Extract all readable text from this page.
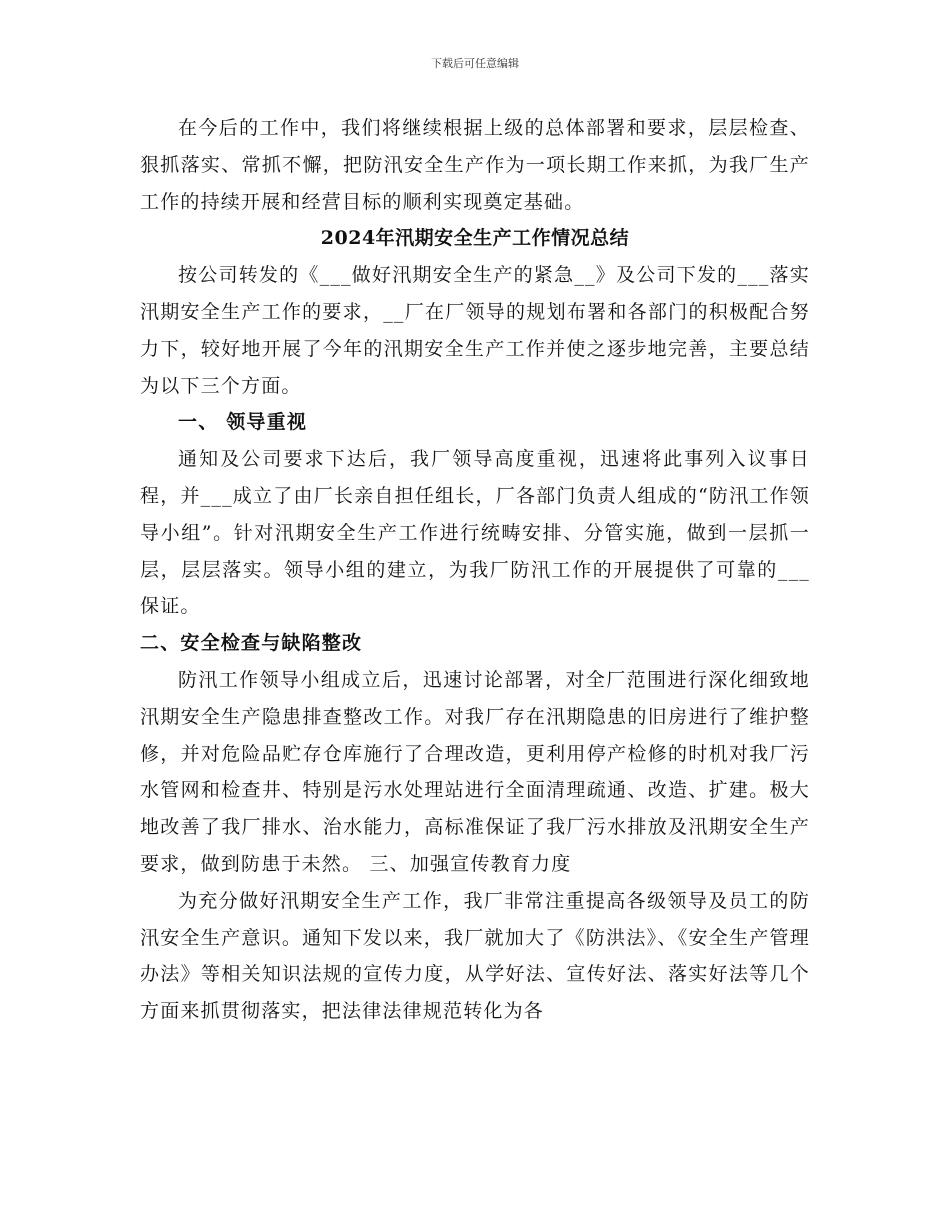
下载后可任意编辑

在今后的工作中，我们将继续根据上级的总体部署和要求，层层检查、狠抓落实、常抓不懈，把防汛安全生产作为一项长期工作来抓，为我厂生产工作的持续开展和经营目标的顺利实现奠定基础。

2024年汛期安全生产工作情况总结

按公司转发的《___做好汛期安全生产的紧急__》及公司下发的___落实汛期安全生产工作的要求，__厂在厂领导的规划布署和各部门的积极配合努力下，较好地开展了今年的汛期安全生产工作并使之逐步地完善，主要总结为以下三个方面。

一、 领导重视

通知及公司要求下达后，我厂领导高度重视，迅速将此事列入议事日程，并___成立了由厂长亲自担任组长，厂各部门负责人组成的“防汛工作领导小组”。针对汛期安全生产工作进行统畴安排、分管实施，做到一层抓一层，层层落实。领导小组的建立，为我厂防汛工作的开展提供了可靠的___保证。

二、安全检查与缺陷整改

防汛工作领导小组成立后，迅速讨论部署，对全厂范围进行深化细致地汛期安全生产隐患排查整改工作。对我厂存在汛期隐患的旧房进行了维护整修，并对危险品贮存仓库施行了合理改造，更利用停产检修的时机对我厂污水管网和检查井、特别是污水处理站进行全面清理疏通、改造、扩建。极大地改善了我厂排水、治水能力，高标准保证了我厂污水排放及汛期安全生产要求，做到防患于未然。 三、加强宣传教育力度

为充分做好汛期安全生产工作，我厂非常注重提高各级领导及员工的防汛安全生产意识。通知下发以来，我厂就加大了《防洪法》、《安全生产管理办法》等相关知识法规的宣传力度，从学好法、宣传好法、落实好法等几个方面来抓贯彻落实，把法律法律规范转化为各
